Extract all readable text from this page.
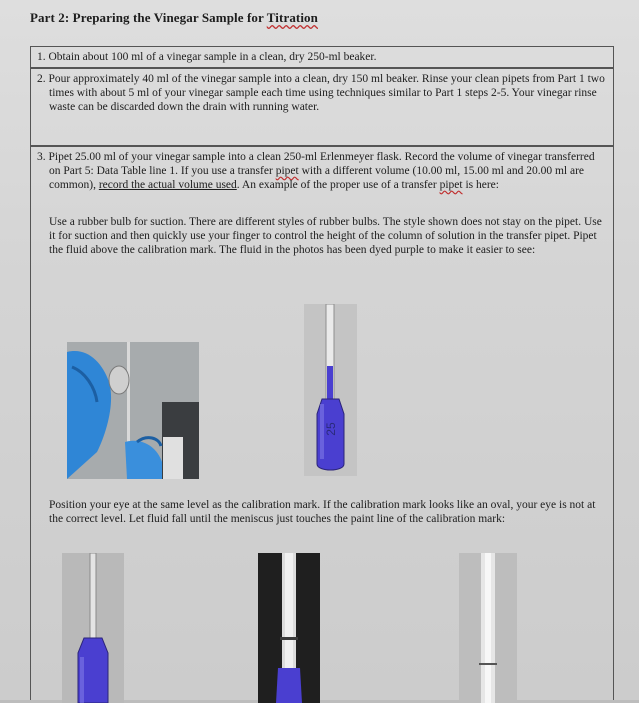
Part 2: Preparing the Vinegar Sample for Titration
1. Obtain about 100 ml of a vinegar sample in a clean, dry 250-ml beaker.
2. Pour approximately 40 ml of the vinegar sample into a clean, dry 150 ml beaker. Rinse your clean pipets from Part 1 two times with about 5 ml of your vinegar sample each time using techniques similar to Part 1 steps 2-5. Your vinegar rinse waste can be discarded down the drain with running water.
3. Pipet 25.00 ml of your vinegar sample into a clean 250-ml Erlenmeyer flask. Record the volume of vinegar transferred on Part 5: Data Table line 1. If you use a transfer pipet with a different volume (10.00 ml, 15.00 ml and 20.00 ml are common), record the actual volume used. An example of the proper use of a transfer pipet is here:
Use a rubber bulb for suction. There are different styles of rubber bulbs. The style shown does not stay on the pipet. Use it for suction and then quickly use your finger to control the height of the column of solution in the transfer pipet. Pipet the fluid above the calibration mark. The fluid in the photos has been dyed purple to make it easier to see:
25
Position your eye at the same level as the calibration mark. If the calibration mark looks like an oval, your eye is not at the correct level. Let fluid fall until the meniscus just touches the paint line of the calibration mark:
